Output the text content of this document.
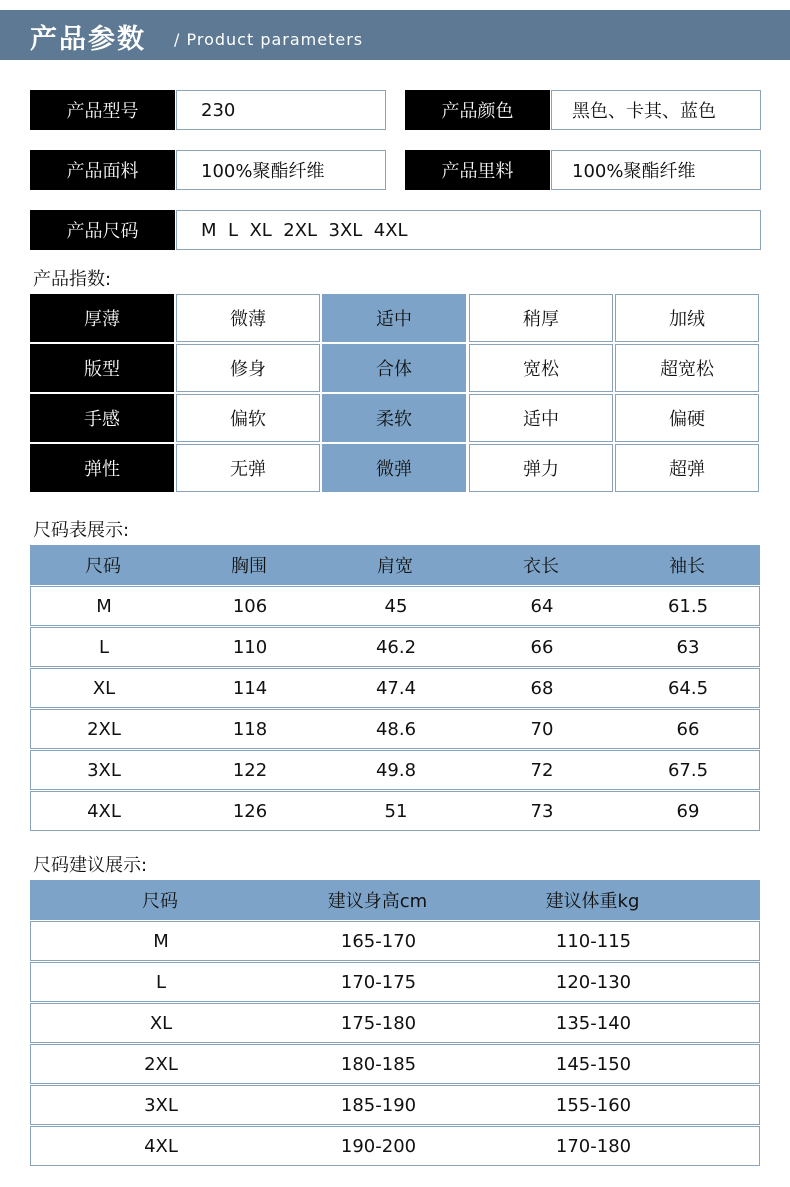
产品参数 / Product parameters
产品型号	230	产品颜色	黑色、卡其、蓝色
产品面料	100%聚酯纤维	产品里料	100%聚酯纤维
产品尺码	M  L  XL  2XL  3XL  4XL
产品指数:
厚薄	微薄	适中	稍厚	加绒
版型	修身	合体	宽松	超宽松
手感	偏软	柔软	适中	偏硬
弹性	无弹	微弹	弹力	超弹
尺码表展示:
尺码	胸围	肩宽	衣长	袖长
M	106	45	64	61.5
L	110	46.2	66	63
XL	114	47.4	68	64.5
2XL	118	48.6	70	66
3XL	122	49.8	72	67.5
4XL	126	51	73	69
尺码建议展示:
尺码	建议身高cm	建议体重kg
M	165-170	110-115
L	170-175	120-130
XL	175-180	135-140
2XL	180-185	145-150
3XL	185-190	155-160
4XL	190-200	170-180
